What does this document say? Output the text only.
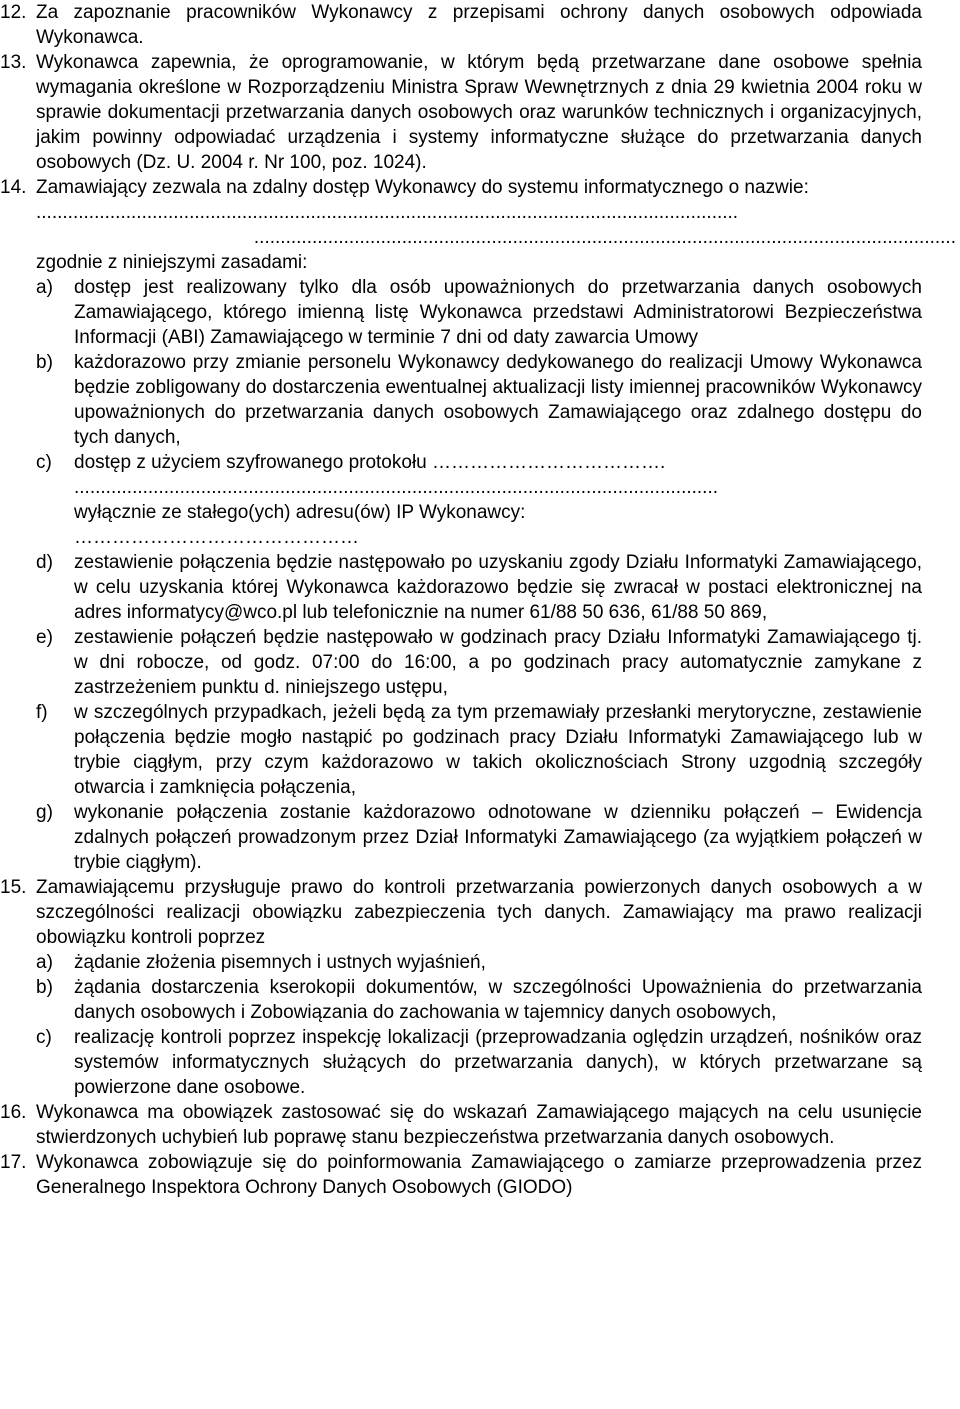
12. Za zapoznanie pracowników Wykonawcy z przepisami ochrony danych osobowych odpowiada Wykonawca.
13. Wykonawca zapewnia, że oprogramowanie, w którym będą przetwarzane dane osobowe spełnia wymagania określone w Rozporządzeniu Ministra Spraw Wewnętrznych z dnia 29 kwietnia 2004 roku w sprawie dokumentacji przetwarzania danych osobowych oraz warunków technicznych i organizacyjnych, jakim powinny odpowiadać urządzenia i systemy informatyczne służące do przetwarzania danych osobowych (Dz. U. 2004 r. Nr 100, poz. 1024).
14. Zamawiający zezwala na zdalny dostęp Wykonawcy do systemu informatycznego o nazwie:
.....................................................................................................................................
.....................................................................................................................................
zgodnie z niniejszymi zasadami:
a)	dostęp jest realizowany tylko dla osób upoważnionych do przetwarzania danych osobowych Zamawiającego, którego imienną listę Wykonawca przedstawi Administratorowi Bezpieczeństwa Informacji (ABI) Zamawiającego w terminie 7 dni od daty zawarcia Umowy
b)	każdorazowo przy zmianie personelu Wykonawcy dedykowanego do realizacji Umowy Wykonawca będzie zobligowany do dostarczenia ewentualnej aktualizacji listy imiennej pracowników Wykonawcy upoważnionych do przetwarzania danych osobowych Zamawiającego oraz zdalnego dostępu do tych danych,
c)	dostęp z użyciem szyfrowanego protokołu ……………………………….
..........................................................................................................................
wyłącznie ze stałego(ych) adresu(ów) IP Wykonawcy:
………………………………………
d)	zestawienie połączenia będzie następowało po uzyskaniu zgody Działu Informatyki Zamawiającego, w celu uzyskania której Wykonawca każdorazowo będzie się zwracał w postaci elektronicznej na adres informatycy@wco.pl lub telefonicznie na numer 61/88 50 636, 61/88 50 869,
e)	zestawienie połączeń będzie następowało w godzinach pracy Działu Informatyki Zamawiającego tj. w dni robocze, od godz. 07:00 do 16:00, a po godzinach pracy automatycznie zamykane z zastrzeżeniem punktu d. niniejszego ustępu,
f)	w szczególnych przypadkach, jeżeli będą za tym przemawiały przesłanki merytoryczne, zestawienie połączenia będzie mogło nastąpić po godzinach pracy Działu Informatyki Zamawiającego lub w trybie ciągłym, przy czym każdorazowo w takich okolicznościach Strony uzgodnią szczegóły otwarcia i zamknięcia połączenia,
g)	wykonanie połączenia zostanie każdorazowo odnotowane w dzienniku połączeń – Ewidencja zdalnych połączeń prowadzonym przez Dział Informatyki Zamawiającego (za wyjątkiem połączeń w trybie ciągłym).
15. Zamawiającemu przysługuje prawo do kontroli przetwarzania powierzonych danych osobowych a w szczególności realizacji obowiązku zabezpieczenia tych danych. Zamawiający ma prawo realizacji obowiązku kontroli poprzez
a)	żądanie złożenia pisemnych i ustnych wyjaśnień,
b)	żądania dostarczenia kserokopii dokumentów, w szczególności Upoważnienia do przetwarzania danych osobowych i Zobowiązania do zachowania w tajemnicy danych osobowych,
c)	realizację kontroli poprzez inspekcję lokalizacji (przeprowadzania oględzin urządzeń, nośników oraz systemów informatycznych służących do przetwarzania danych), w których przetwarzane są powierzone dane osobowe.
16. Wykonawca ma obowiązek zastosować się do wskazań Zamawiającego mających na celu usunięcie stwierdzonych uchybień lub poprawę stanu bezpieczeństwa przetwarzania danych osobowych.
17. Wykonawca zobowiązuje się do poinformowania Zamawiającego o zamiarze przeprowadzenia przez Generalnego Inspektora Ochrony Danych Osobowych (GIODO)
